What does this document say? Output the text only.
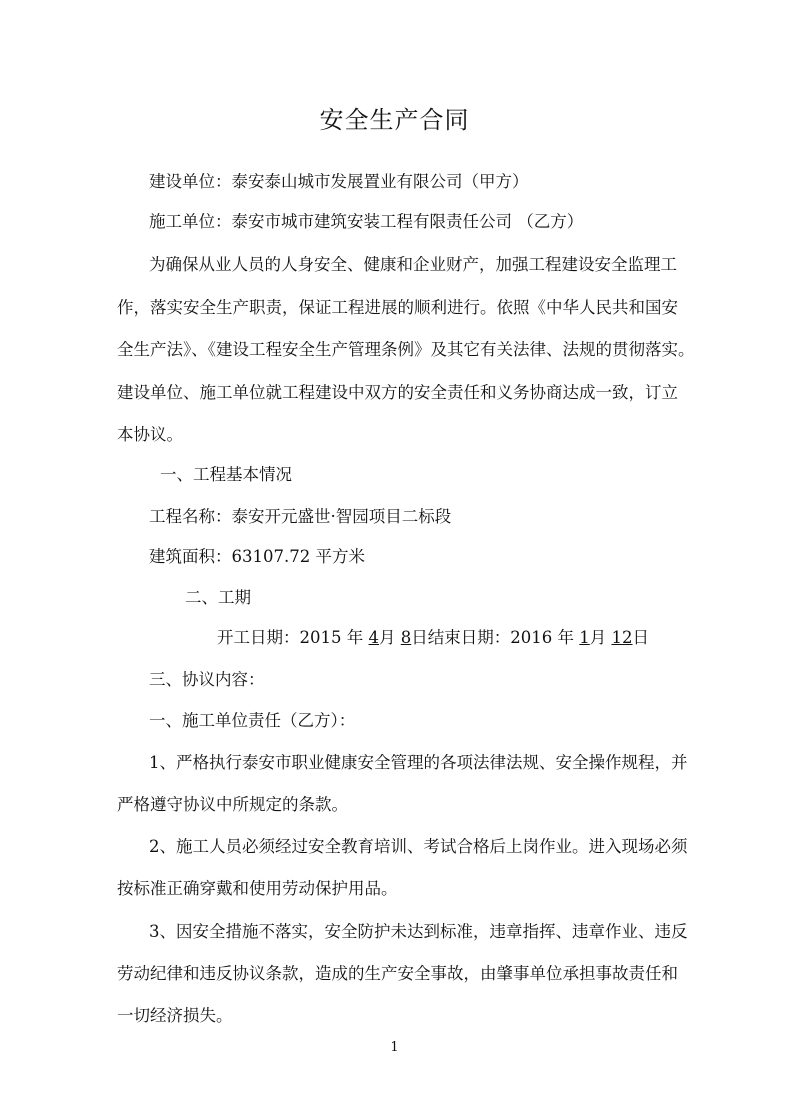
安全生产合同
建设单位：泰安泰山城市发展置业有限公司（甲方）
施工单位：泰安市城市建筑安装工程有限责任公司 （乙方）
为确保从业人员的人身安全、健康和企业财产，加强工程建设安全监理工
作，落实安全生产职责，保证工程进展的顺利进行。依照《中华人民共和国安
全生产法》、《建设工程安全生产管理条例》及其它有关法律、法规的贯彻落实。
建设单位、施工单位就工程建设中双方的安全责任和义务协商达成一致，订立
本协议。
一、工程基本情况
工程名称：泰安开元盛世·智园项目二标段
建筑面积：63107.72 平方米
二、工期
开工日期：2015 年 4月 8日结束日期：2016 年 1月 12日
三、协议内容：
一、施工单位责任（乙方）：
1、严格执行泰安市职业健康安全管理的各项法律法规、安全操作规程，并
严格遵守协议中所规定的条款。
2、施工人员必须经过安全教育培训、考试合格后上岗作业。进入现场必须
按标准正确穿戴和使用劳动保护用品。
3、因安全措施不落实，安全防护未达到标准，违章指挥、违章作业、违反
劳动纪律和违反协议条款，造成的生产安全事故，由肇事单位承担事故责任和
一切经济损失。
1
